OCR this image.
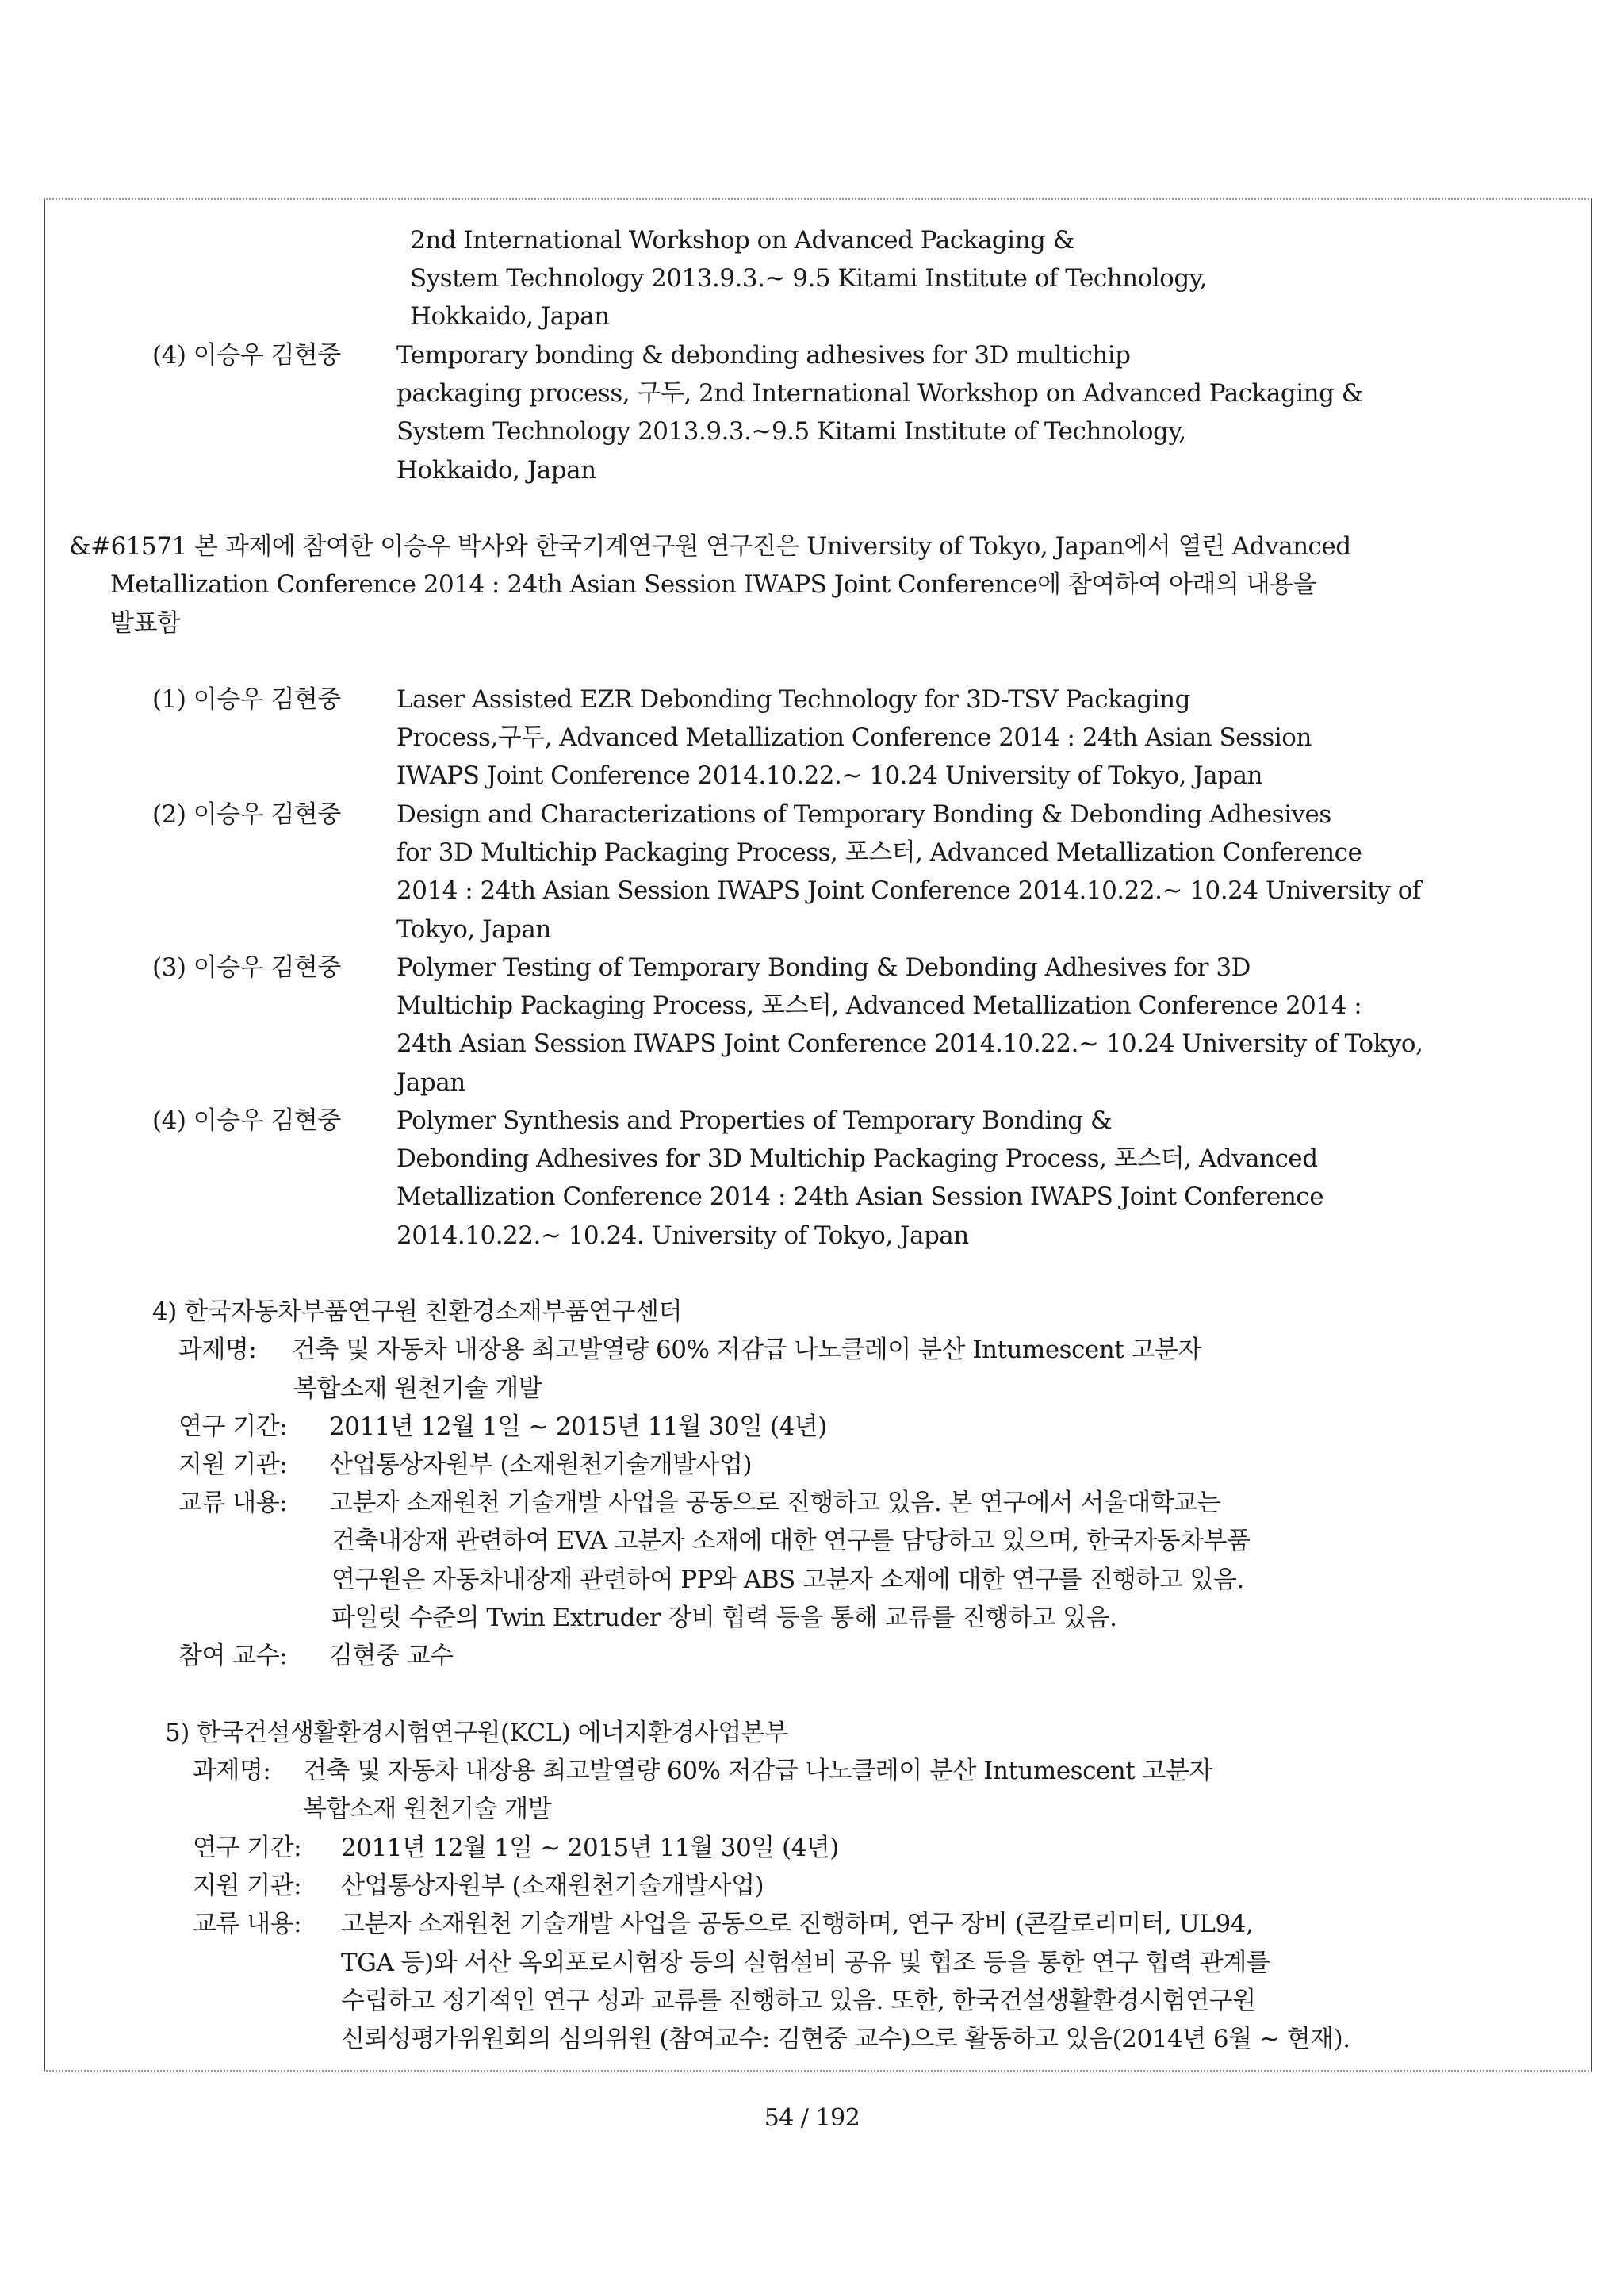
2nd International Workshop on Advanced Packaging &
System Technology 2013.9.3.~ 9.5 Kitami Institute of Technology,
Hokkaido, Japan
(4) 이승우 김현중 Temporary bonding & debonding adhesives for 3D multichip
packaging process, 구두, 2nd International Workshop on Advanced Packaging &
System Technology 2013.9.3.~9.5 Kitami Institute of Technology,
Hokkaido, Japan
&#61571 본 과제에 참여한 이승우 박사와 한국기계연구원 연구진은 University of Tokyo, Japan에서 열린 Advanced
Metallization Conference 2014 : 24th Asian Session IWAPS Joint Conference에 참여하여 아래의 내용을
발표함
(1) 이승우 김현중 Laser Assisted EZR Debonding Technology for 3D-TSV Packaging
Process,구두, Advanced Metallization Conference 2014 : 24th Asian Session
IWAPS Joint Conference 2014.10.22.~ 10.24 University of Tokyo, Japan
(2) 이승우 김현중 Design and Characterizations of Temporary Bonding & Debonding Adhesives
for 3D Multichip Packaging Process, 포스터, Advanced Metallization Conference
2014 : 24th Asian Session IWAPS Joint Conference 2014.10.22.~ 10.24 University of
Tokyo, Japan
(3) 이승우 김현중 Polymer Testing of Temporary Bonding & Debonding Adhesives for 3D
Multichip Packaging Process, 포스터, Advanced Metallization Conference 2014 :
24th Asian Session IWAPS Joint Conference 2014.10.22.~ 10.24 University of Tokyo,
Japan
(4) 이승우 김현중 Polymer Synthesis and Properties of Temporary Bonding &
Debonding Adhesives for 3D Multichip Packaging Process, 포스터, Advanced
Metallization Conference 2014 : 24th Asian Session IWAPS Joint Conference
2014.10.22.~ 10.24. University of Tokyo, Japan
4) 한국자동차부품연구원 친환경소재부품연구센터
과제명: 건축 및 자동차 내장용 최고발열량 60% 저감급 나노클레이 분산 Intumescent 고분자
복합소재 원천기술 개발
연구 기간: 2011년 12월 1일 ~ 2015년 11월 30일 (4년)
지원 기관: 산업통상자원부 (소재원천기술개발사업)
교류 내용: 고분자 소재원천 기술개발 사업을 공동으로 진행하고 있음. 본 연구에서 서울대학교는
건축내장재 관련하여 EVA 고분자 소재에 대한 연구를 담당하고 있으며, 한국자동차부품
연구원은 자동차내장재 관련하여 PP와 ABS 고분자 소재에 대한 연구를 진행하고 있음.
파일럿 수준의 Twin Extruder 장비 협력 등을 통해 교류를 진행하고 있음.
참여 교수: 김현중 교수
5) 한국건설생활환경시험연구원(KCL) 에너지환경사업본부
과제명: 건축 및 자동차 내장용 최고발열량 60% 저감급 나노클레이 분산 Intumescent 고분자
복합소재 원천기술 개발
연구 기간: 2011년 12월 1일 ~ 2015년 11월 30일 (4년)
지원 기관: 산업통상자원부 (소재원천기술개발사업)
교류 내용: 고분자 소재원천 기술개발 사업을 공동으로 진행하며, 연구 장비 (콘칼로리미터, UL94,
TGA 등)와 서산 옥외포로시험장 등의 실험설비 공유 및 협조 등을 통한 연구 협력 관계를
수립하고 정기적인 연구 성과 교류를 진행하고 있음. 또한, 한국건설생활환경시험연구원
신뢰성평가위원회의 심의위원 (참여교수: 김현중 교수)으로 활동하고 있음(2014년 6월 ~ 현재).
54 / 192
